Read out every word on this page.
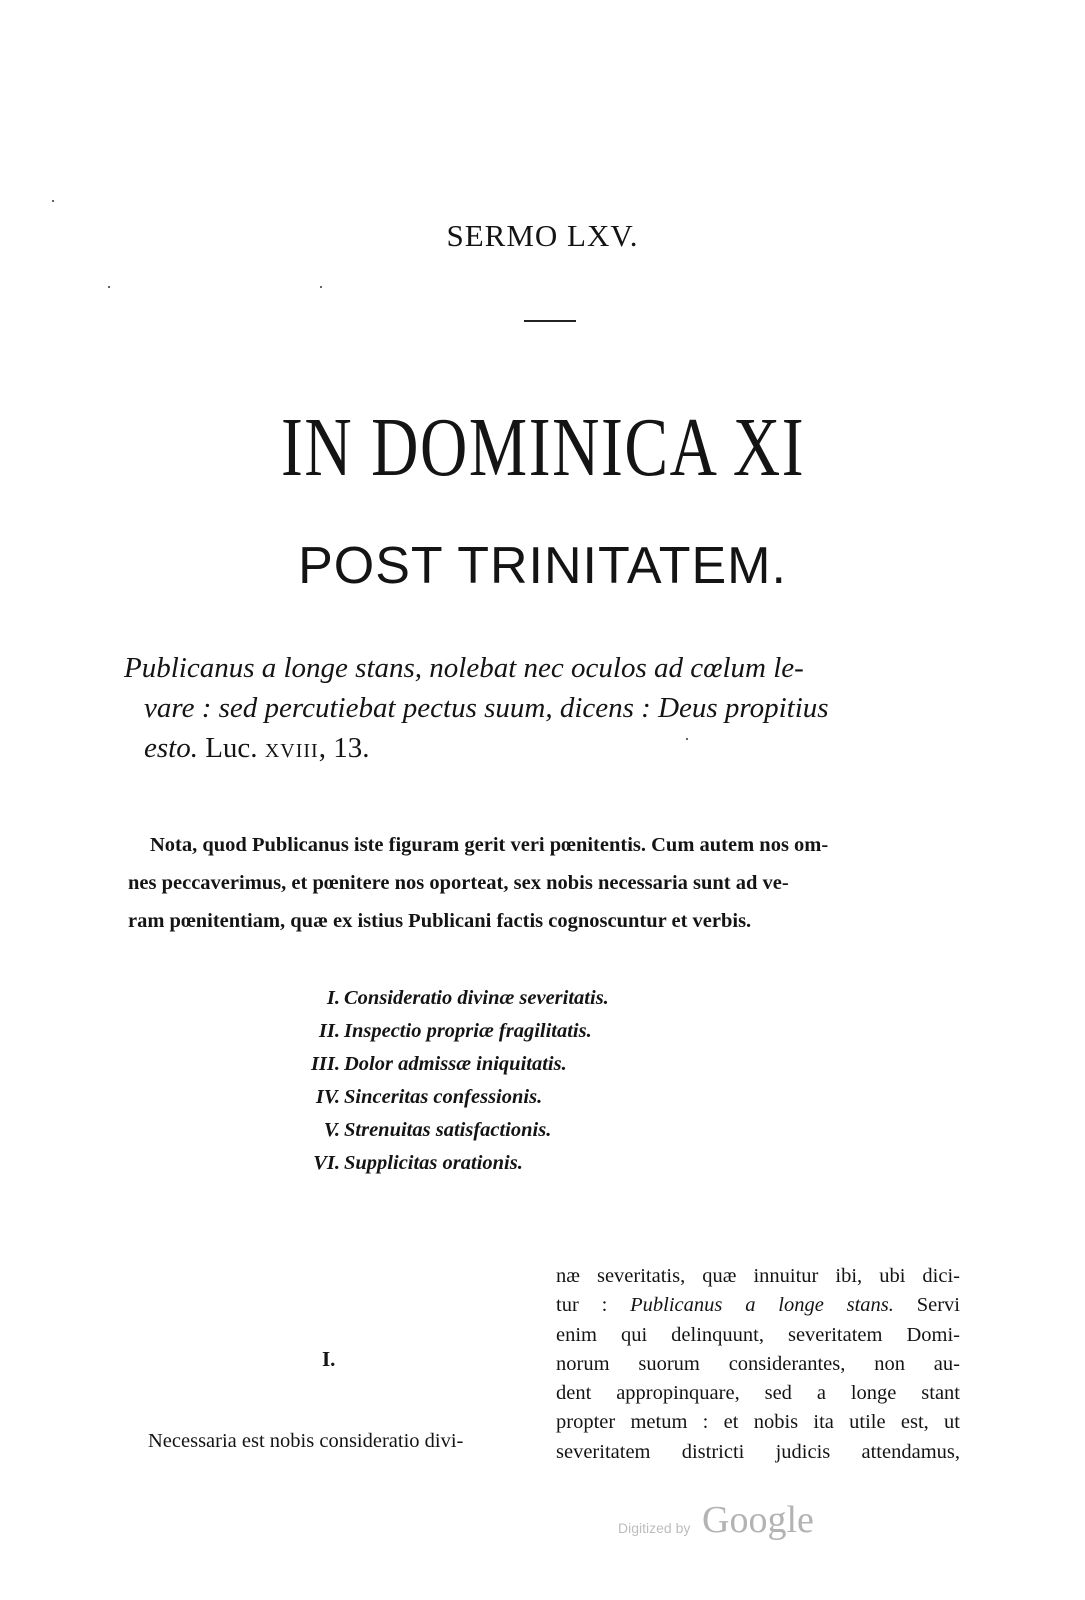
SERMO LXV.
IN DOMINICA XI
POST TRINITATEM.
Publicanus a longe stans, nolebat nec oculos ad cœlum le-
vare : sed percutiebat pectus suum, dicens : Deus propitius
esto. Luc. xviii, 13.
Nota, quod Publicanus iste figuram gerit veri pœnitentis. Cum autem nos om-
nes peccaverimus, et pœnitere nos oporteat, sex nobis necessaria sunt ad ve-
ram pœnitentiam, quæ ex istius Publicani factis cognoscuntur et verbis.
I. Consideratio divinæ severitatis.
II. Inspectio propriæ fragilitatis.
III. Dolor admissæ iniquitatis.
IV. Sinceritas confessionis.
V. Strenuitas satisfactionis.
VI. Supplicitas orationis.
I.
Necessaria est nobis consideratio divi-
næ severitatis, quæ innuitur ibi, ubi dici-
tur : Publicanus a longe stans. Servi
enim qui delinquunt, severitatem Domi-
norum suorum considerantes, non au-
dent appropinquare, sed a longe stant
propter metum : et nobis ita utile est, ut
severitatem districti judicis attendamus,
Digitized by Google
